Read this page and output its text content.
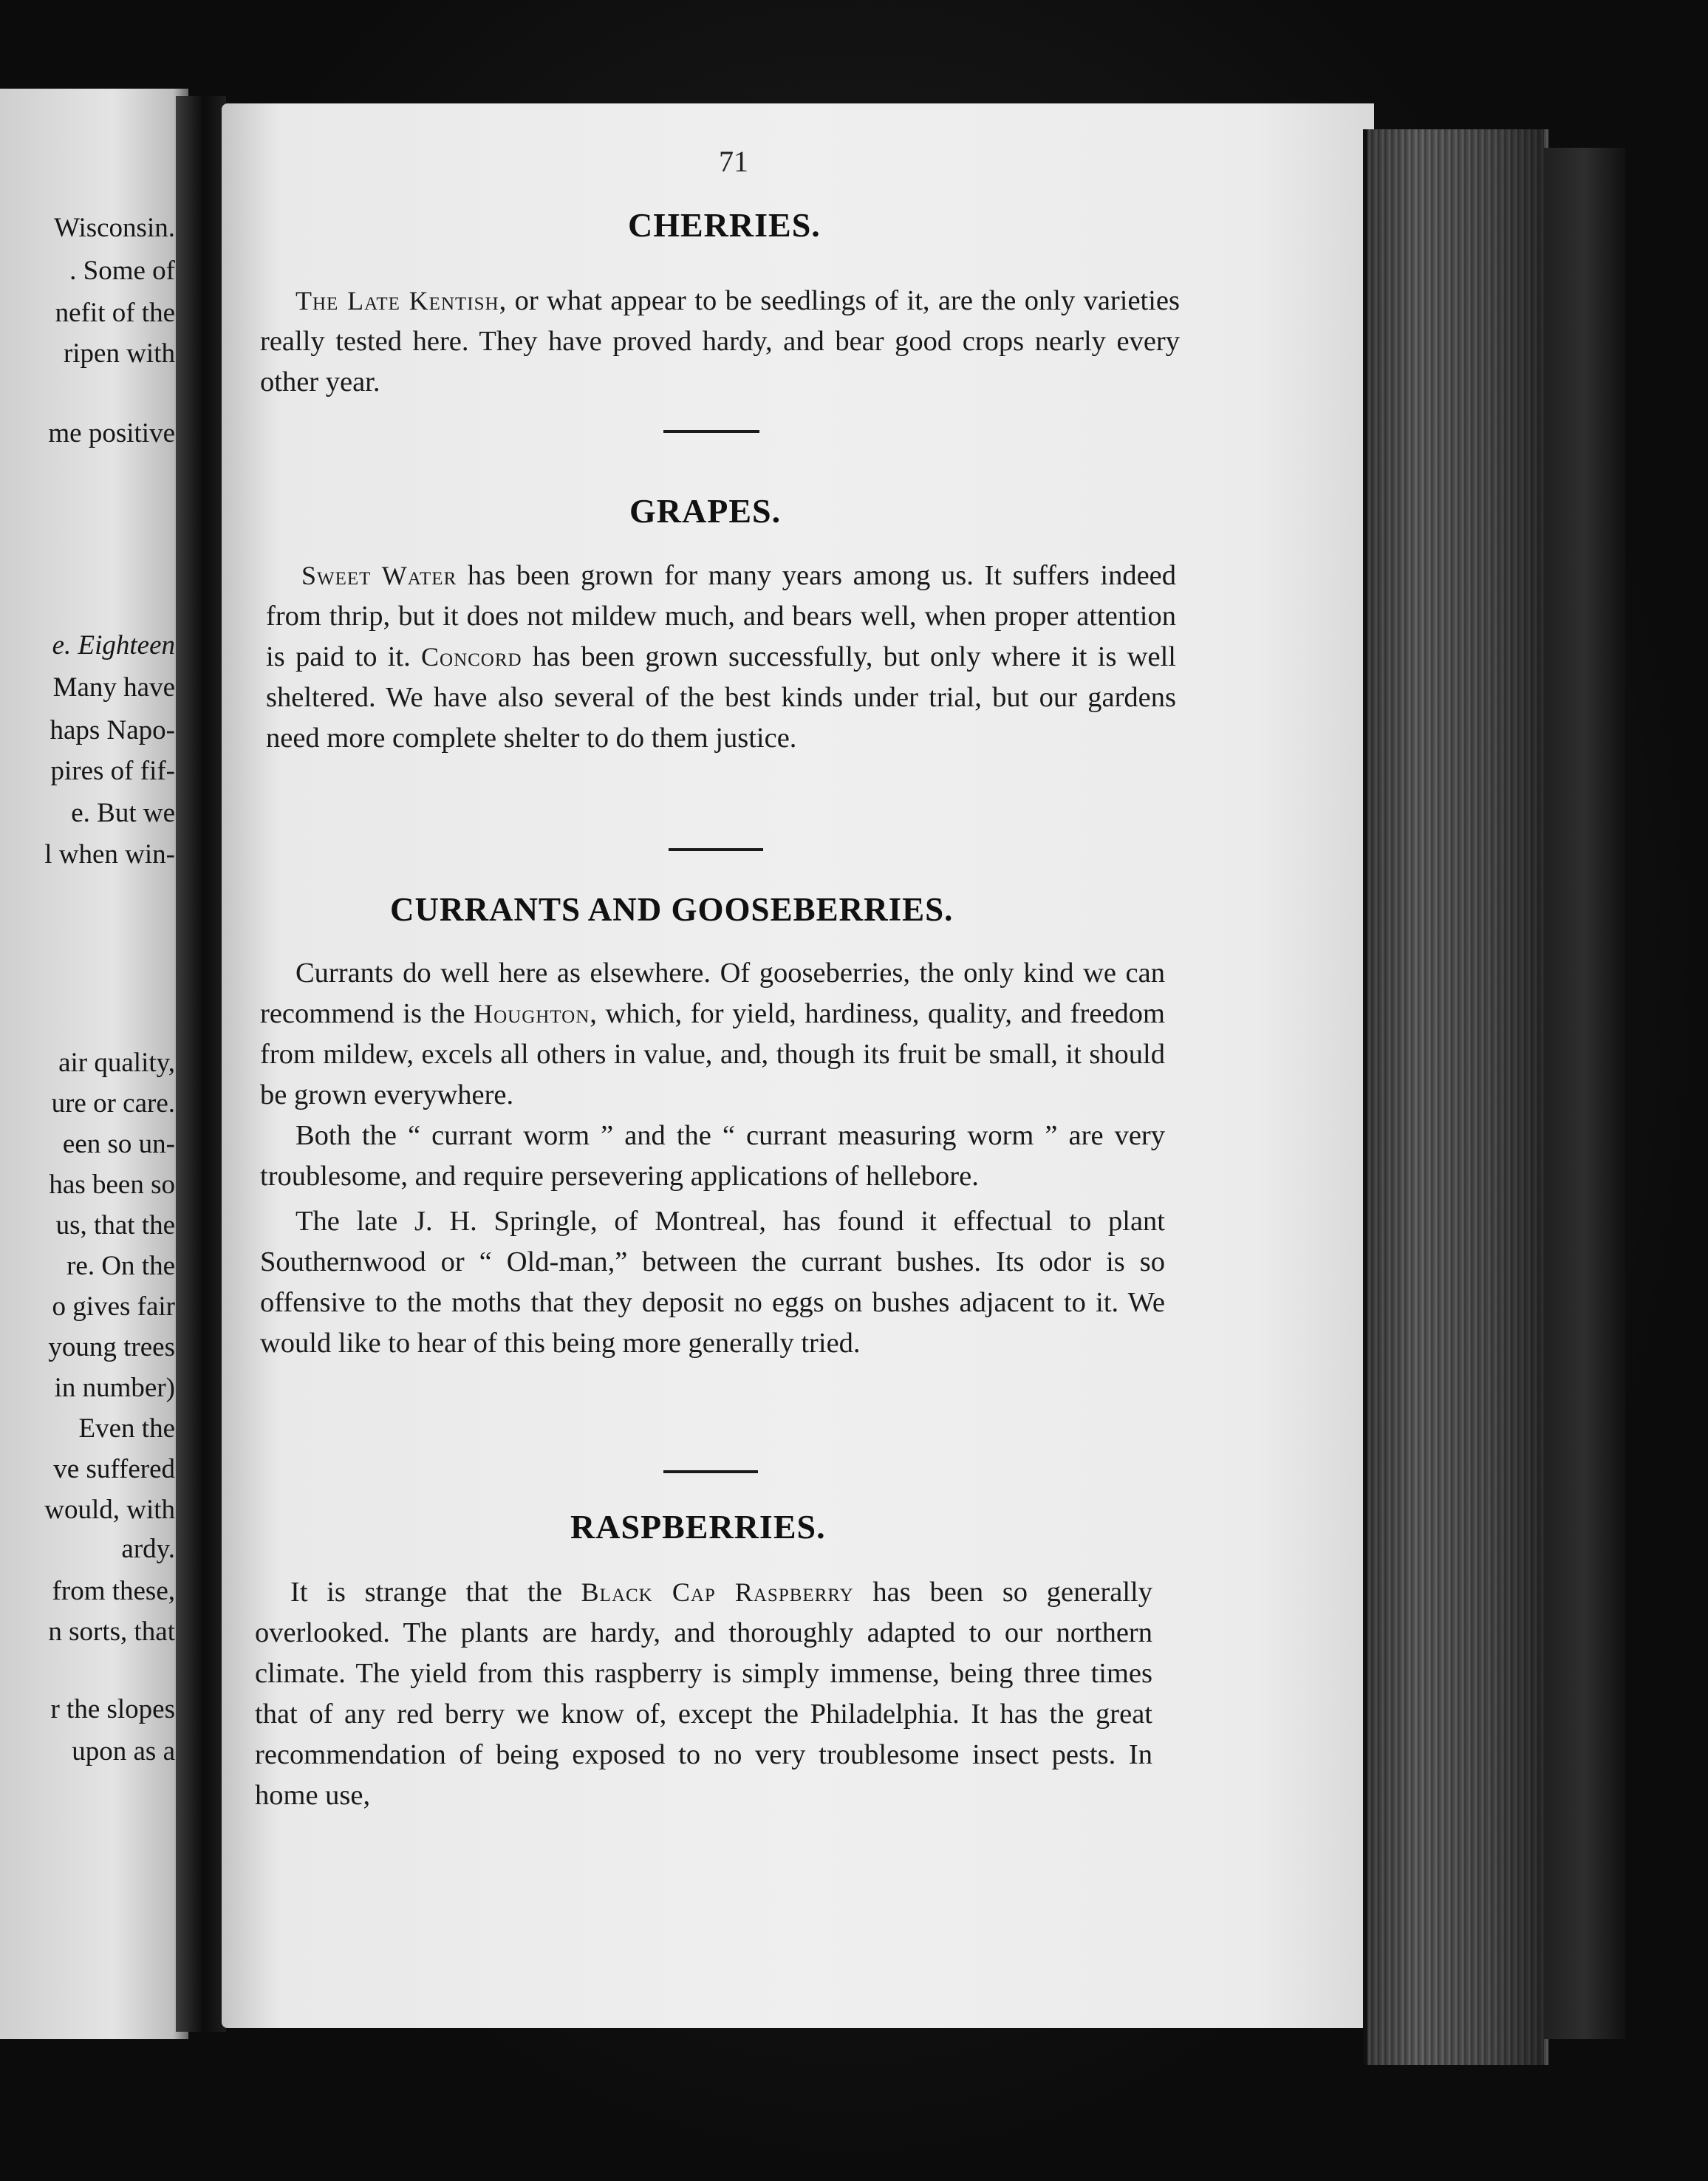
Wisconsin.
. Some of
nefit of the
ripen with
me positive
e. Eighteen
Many have
haps Napo-
pires of fif-
e. But we
l when win-
air quality,
ure or care.
een so un-
has been so
us, that the
re. On the
o gives fair
young trees
in number)
Even the
ve suffered
would, with
ardy.
from these,
n sorts, that
r the slopes
upon as a
71
CHERRIES.

The Late Kentish, or what appear to be seedlings of it, are the only varieties really tested here. They have proved hardy, and bear good crops nearly every other year.

GRAPES.

Sweet Water has been grown for many years among us. It suffers indeed from thrip, but it does not mildew much, and bears well, when proper attention is paid to it. Concord has been grown successfully, but only where it is well sheltered. We have also several of the best kinds under trial, but our gardens need more complete shelter to do them justice.

CURRANTS AND GOOSEBERRIES.

Currants do well here as elsewhere. Of gooseberries, the only kind we can recommend is the Houghton, which, for yield, hardiness, quality, and freedom from mildew, excels all others in value, and, though its fruit be small, it should be grown everywhere.

Both the “ currant worm ” and the “ currant measuring worm ” are very troublesome, and require persevering applications of hellebore.

The late J. H. Springle, of Montreal, has found it effectual to plant Southernwood or “ Old-man,” between the currant bushes. Its odor is so offensive to the moths that they deposit no eggs on bushes adjacent to it. We would like to hear of this being more generally tried.

RASPBERRIES.

It is strange that the Black Cap Raspberry has been so generally overlooked. The plants are hardy, and thoroughly adapted to our northern climate. The yield from this raspberry is simply immense, being three times that of any red berry we know of, except the Philadelphia. It has the great recommendation of being exposed to no very troublesome insect pests. In home use,
